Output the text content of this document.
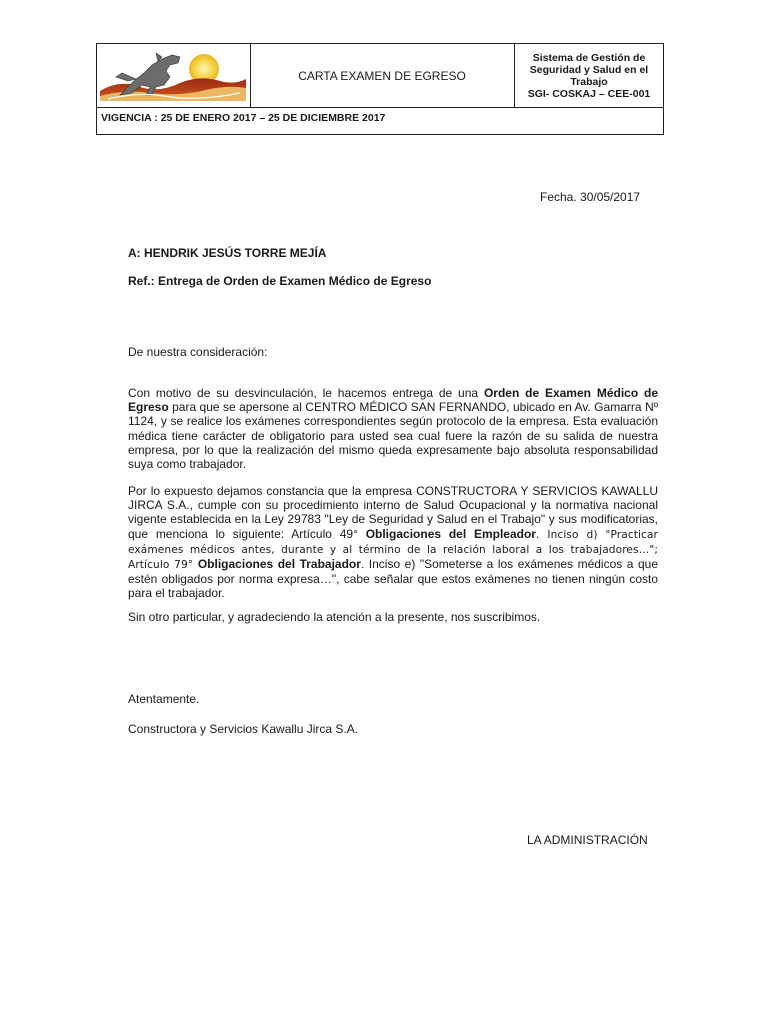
CARTA EXAMEN DE EGRESO
Sistema de Gestión de
Seguridad y Salud en el
Trabajo
SGI- COSKAJ – CEE-001
VIGENCIA : 25 DE ENERO 2017 – 25 DE DICIEMBRE 2017
Fecha. 30/05/2017
A: HENDRIK JESÚS TORRE MEJÍA
Ref.: Entrega de Orden de Examen Médico de Egreso
De nuestra consideración:
Con motivo de su desvinculación, le hacemos entrega de una Orden de Examen Médico de Egreso para que se apersone al CENTRO MÉDICO SAN FERNANDO, ubicado en Av. Gamarra Nº 1124, y se realice los exámenes correspondientes según protocolo de la empresa. Esta evaluación médica tiene carácter de obligatorio para usted sea cual fuere la razón de su salida de nuestra empresa, por lo que la realización del mismo queda expresamente bajo absoluta responsabilidad suya como trabajador.
Por lo expuesto dejamos constancia que la empresa CONSTRUCTORA Y SERVICIOS KAWALLU JIRCA S.A., cumple con su procedimiento interno de Salud Ocupacional y la normativa nacional vigente establecida en la Ley 29783 "Ley de Seguridad y Salud en el Trabajo" y sus modificatorias, que menciona lo siguiente: Artículo 49° Obligaciones del Empleador. Inciso d) "Practicar exámenes médicos antes, durante y al término de la relación laboral a los trabajadores…"; Artículo 79° Obligaciones del Trabajador. Inciso e) "Someterse a los exámenes médicos a que estén obligados por norma expresa…", cabe señalar que estos exámenes no tienen ningún costo para el trabajador.
Sin otro particular, y agradeciendo la atención a la presente, nos suscribimos.
Atentamente.
Constructora y Servicios Kawallu Jirca S.A.
LA ADMINISTRACIÓN
